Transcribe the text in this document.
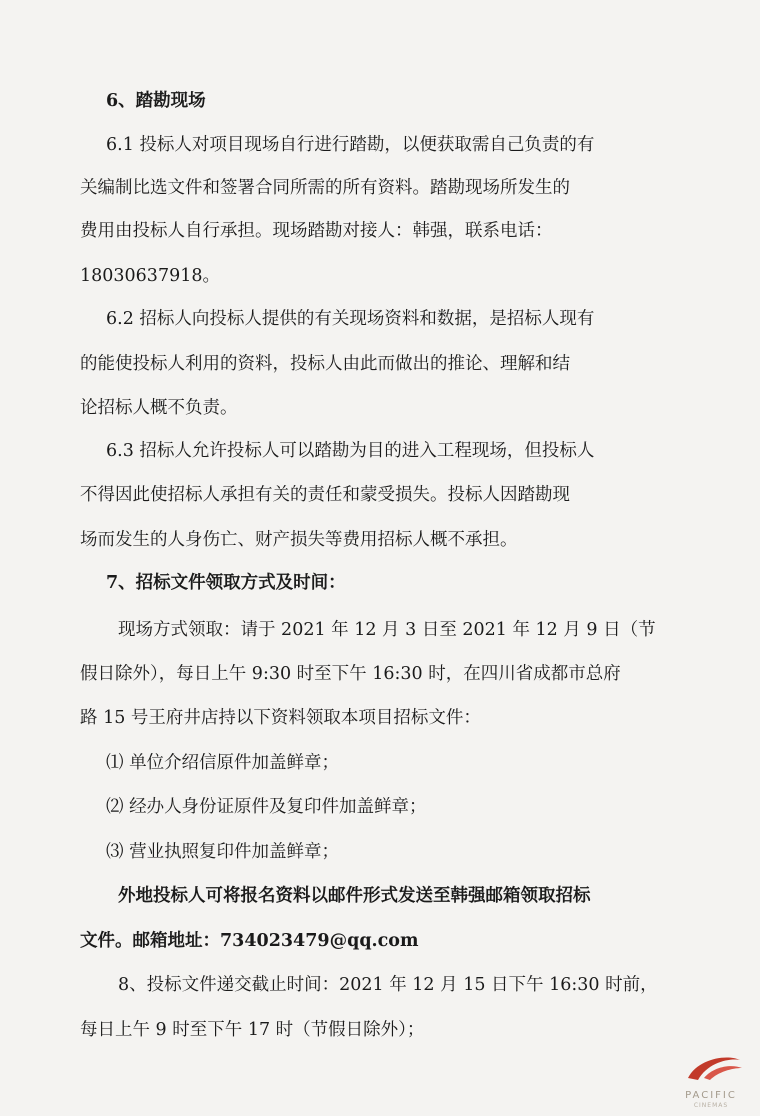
6、踏勘现场
6.1 投标人对项目现场自行进行踏勘，以便获取需自己负责的有
关编制比选文件和签署合同所需的所有资料。踏勘现场所发生的
费用由投标人自行承担。现场踏勘对接人：韩强，联系电话：
18030637918。
6.2 招标人向投标人提供的有关现场资料和数据，是招标人现有
的能使投标人利用的资料，投标人由此而做出的推论、理解和结
论招标人概不负责。
6.3 招标人允许投标人可以踏勘为目的进入工程现场，但投标人
不得因此使招标人承担有关的责任和蒙受损失。投标人因踏勘现
场而发生的人身伤亡、财产损失等费用招标人概不承担。
7、招标文件领取方式及时间：
现场方式领取：请于 2021 年 12 月 3 日至 2021 年 12 月 9 日（节
假日除外），每日上午 9:30 时至下午 16:30 时，在四川省成都市总府
路 15 号王府井店持以下资料领取本项目招标文件：
⑴ 单位介绍信原件加盖鲜章；
⑵ 经办人身份证原件及复印件加盖鲜章；
⑶ 营业执照复印件加盖鲜章；
外地投标人可将报名资料以邮件形式发送至韩强邮箱领取招标
文件。邮箱地址：734023479@qq.com
8、投标文件递交截止时间：2021 年 12 月 15 日下午 16:30 时前，
每日上午 9 时至下午 17 时（节假日除外）；
PACIFIC
CINEMAS
